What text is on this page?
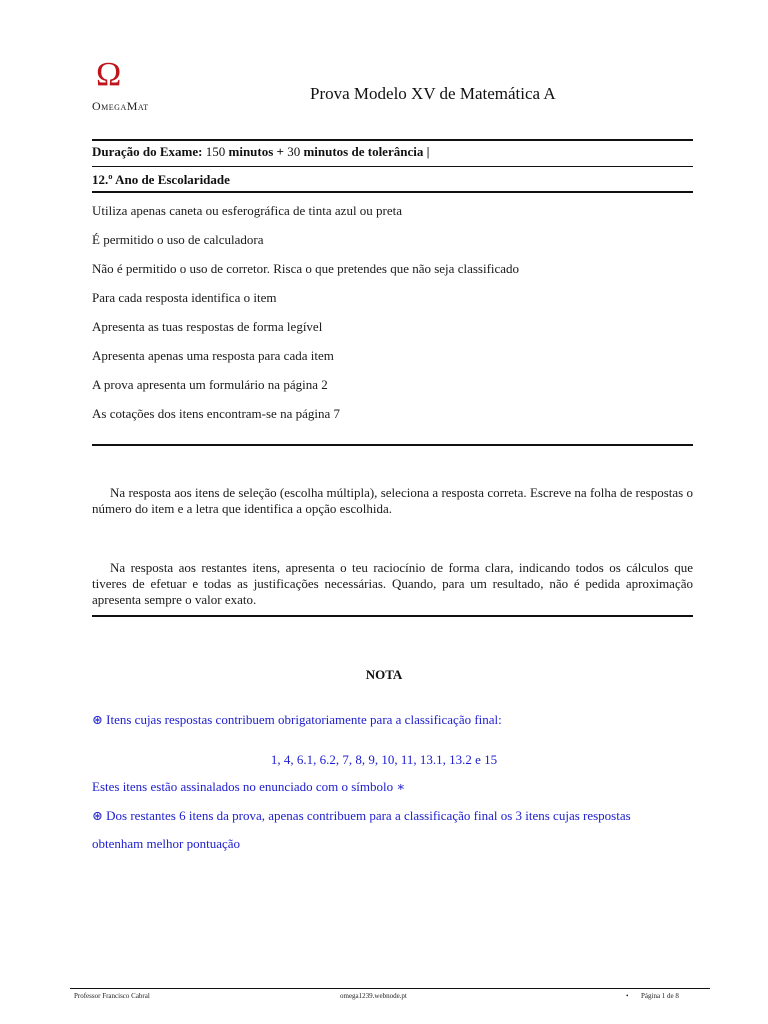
Ω
OmegaMat
Prova Modelo XV de Matemática A
Duração do Exame: 150 minutos + 30 minutos de tolerância |
12.º Ano de Escolaridade
Utiliza apenas caneta ou esferográfica de tinta azul ou preta
É permitido o uso de calculadora
Não é permitido o uso de corretor. Risca o que pretendes que não seja classificado
Para cada resposta identifica o item
Apresenta as tuas respostas de forma legível
Apresenta apenas uma resposta para cada item
A prova apresenta um formulário na página 2
As cotações dos itens encontram-se na página 7
Na resposta aos itens de seleção (escolha múltipla), seleciona a resposta correta. Escreve na folha de respostas o número do item e a letra que identifica a opção escolhida.
Na resposta aos restantes itens, apresenta o teu raciocínio de forma clara, indicando todos os cálculos que tiveres de efetuar e todas as justificações necessárias. Quando, para um resultado, não é pedida aproximação apresenta sempre o valor exato.
NOTA
⊛ Itens cujas respostas contribuem obrigatoriamente para a classificação final:
1, 4, 6.1, 6.2, 7, 8, 9, 10, 11, 13.1, 13.2 e 15
Estes itens estão assinalados no enunciado com o símbolo ∗
⊛ Dos restantes 6 itens da prova, apenas contribuem para a classificação final os 3 itens cujas respostas
obtenham melhor pontuação
Professor Francisco Cabral	omega1239.webnode.pt	• Página 1 de 8
